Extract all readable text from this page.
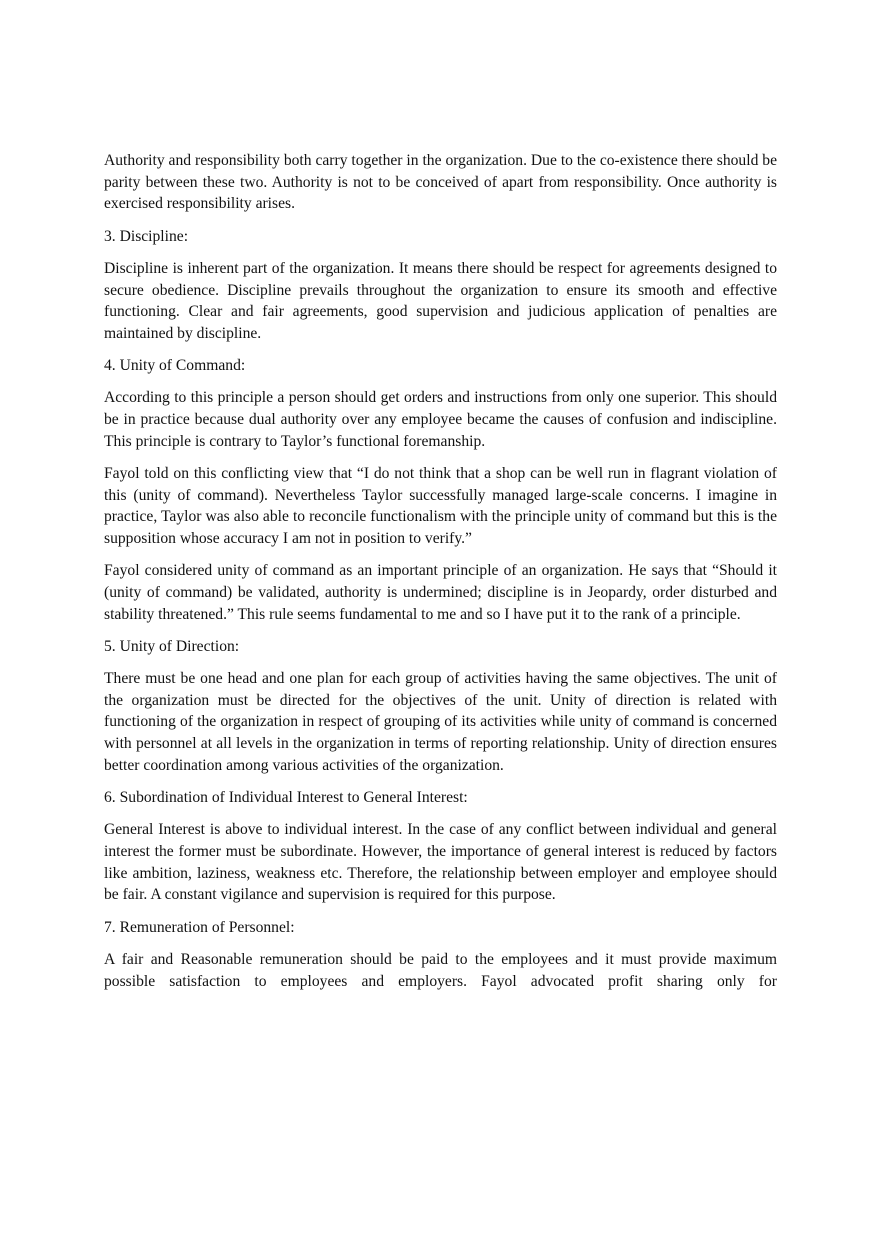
Authority and responsibility both carry together in the organization. Due to the co-existence there should be parity between these two. Authority is not to be conceived of apart from responsibility. Once authority is exercised responsibility arises.

3. Discipline:

Discipline is inherent part of the organization. It means there should be respect for agreements designed to secure obedience. Discipline prevails throughout the organization to ensure its smooth and effective functioning. Clear and fair agreements, good supervision and judicious application of penalties are maintained by discipline.

4. Unity of Command:

According to this principle a person should get orders and instructions from only one superior. This should be in practice because dual authority over any employee became the causes of confusion and indiscipline. This principle is contrary to Taylor’s functional foremanship.

Fayol told on this conflicting view that “I do not think that a shop can be well run in flagrant violation of this (unity of command). Nevertheless Taylor successfully managed large-scale concerns. I imagine in practice, Taylor was also able to reconcile functionalism with the principle unity of command but this is the supposition whose accuracy I am not in position to verify.”

Fayol considered unity of command as an important principle of an organization. He says that “Should it (unity of command) be validated, authority is undermined; discipline is in Jeopardy, order disturbed and stability threatened.” This rule seems fundamental to me and so I have put it to the rank of a principle.

5. Unity of Direction:

There must be one head and one plan for each group of activities having the same objectives. The unit of the organization must be directed for the objectives of the unit. Unity of direction is related with functioning of the organization in respect of grouping of its activities while unity of command is concerned with personnel at all levels in the organization in terms of reporting relationship. Unity of direction ensures better coordination among various activities of the organization.

6. Subordination of Individual Interest to General Interest:

General Interest is above to individual interest. In the case of any conflict between individual and general interest the former must be subordinate. However, the importance of general interest is reduced by factors like ambition, laziness, weakness etc. Therefore, the relationship between employer and employee should be fair. A constant vigilance and supervision is required for this purpose.

7. Remuneration of Personnel:

A fair and Reasonable remuneration should be paid to the employees and it must provide maximum possible satisfaction to employees and employers. Fayol advocated profit sharing only for
